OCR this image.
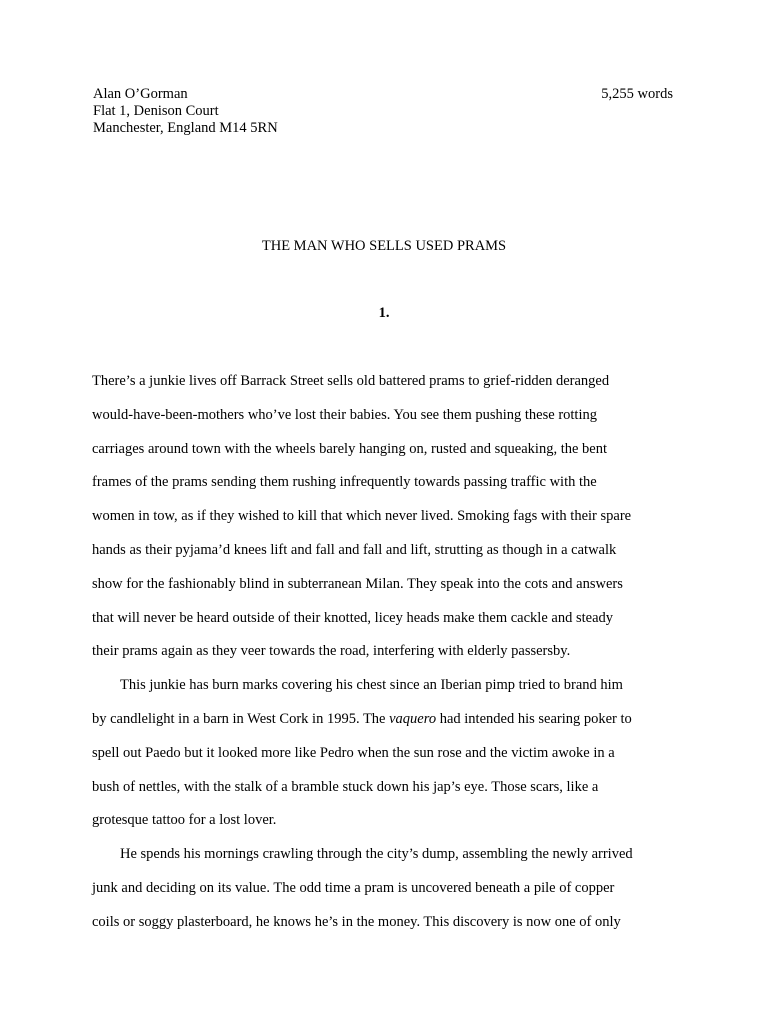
Alan O’Gorman
Flat 1, Denison Court
Manchester, England M14 5RN
5,255 words
THE MAN WHO SELLS USED PRAMS
1.

There’s a junkie lives off Barrack Street sells old battered prams to grief-ridden deranged
would-have-been-mothers who’ve lost their babies. You see them pushing these rotting
carriages around town with the wheels barely hanging on, rusted and squeaking, the bent
frames of the prams sending them rushing infrequently towards passing traffic with the
women in tow, as if they wished to kill that which never lived. Smoking fags with their spare
hands as their pyjama’d knees lift and fall and fall and lift, strutting as though in a catwalk
show for the fashionably blind in subterranean Milan. They speak into the cots and answers
that will never be heard outside of their knotted, licey heads make them cackle and steady
their prams again as they veer towards the road, interfering with elderly passersby.

This junkie has burn marks covering his chest since an Iberian pimp tried to brand him
by candlelight in a barn in West Cork in 1995. The vaquero had intended his searing poker to
spell out Paedo but it looked more like Pedro when the sun rose and the victim awoke in a
bush of nettles, with the stalk of a bramble stuck down his jap’s eye. Those scars, like a
grotesque tattoo for a lost lover.

He spends his mornings crawling through the city’s dump, assembling the newly arrived
junk and deciding on its value. The odd time a pram is uncovered beneath a pile of copper
coils or soggy plasterboard, he knows he’s in the money. This discovery is now one of only
